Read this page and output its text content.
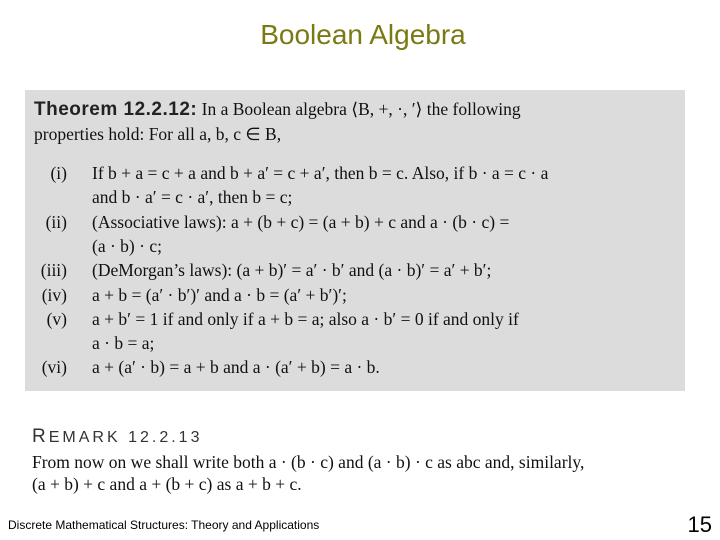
Boolean Algebra
Theorem 12.2.12: In a Boolean algebra ⟨B, +, ·, ′⟩ the following
properties hold: For all a, b, c ∈ B,
(i) If b + a = c + a and b + a′ = c + a′, then b = c. Also, if b · a = c · a
and b · a′ = c · a′, then b = c;
(ii) (Associative laws): a + (b + c) = (a + b) + c and a · (b · c) =
(a · b) · c;
(iii) (DeMorgan’s laws): (a + b)′ = a′ · b′ and (a · b)′ = a′ + b′;
(iv) a + b = (a′ · b′)′ and a · b = (a′ + b′)′;
(v) a + b′ = 1 if and only if a + b = a; also a · b′ = 0 if and only if
a · b = a;
(vi) a + (a′ · b) = a + b and a · (a′ + b) = a · b.
REMARK 12.2.13
From now on we shall write both a · (b · c) and (a · b) · c as abc and, similarly,
(a + b) + c and a + (b + c) as a + b + c.
Discrete Mathematical Structures: Theory and Applications	15
